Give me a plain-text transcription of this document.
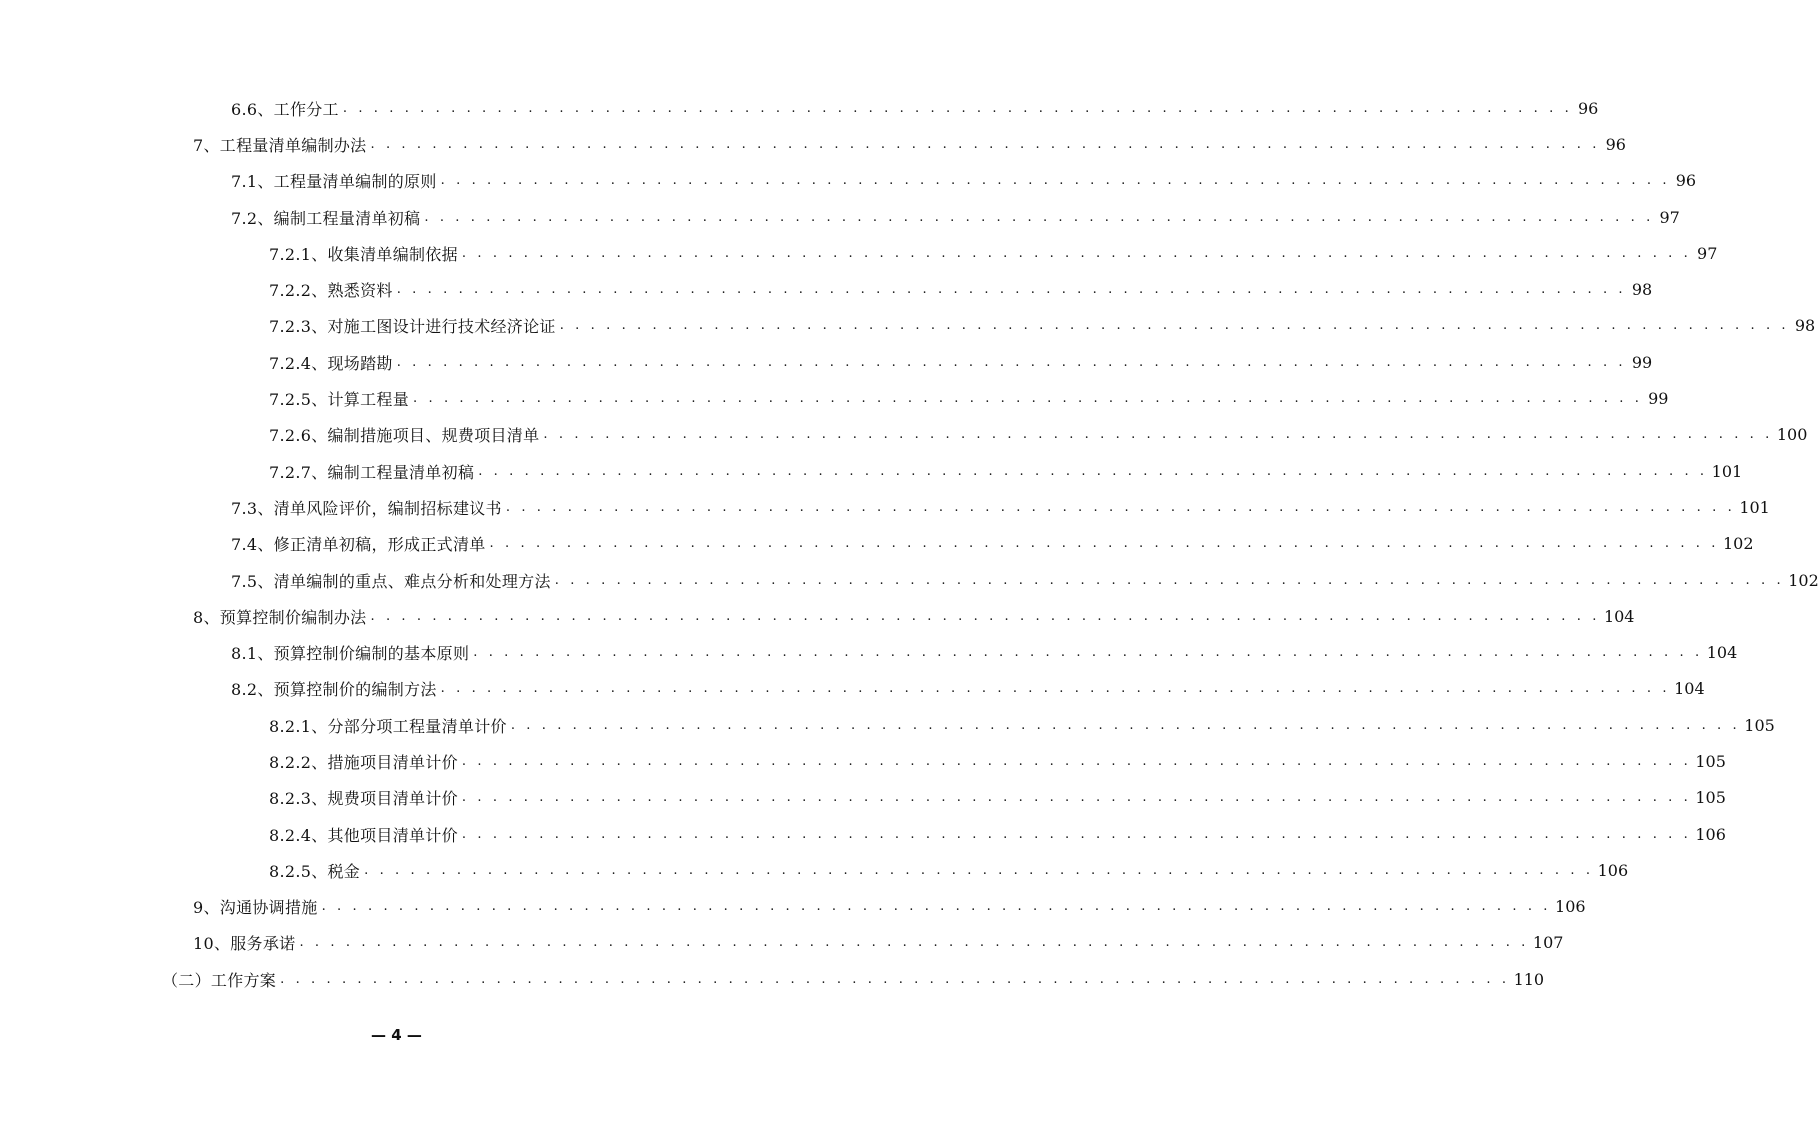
6.6、工作分工 . . . . . . . . . . . . . . . . . . . . . . . . . . . . . . . . . . . . . . . . . . . . . . . . . . . . . . . . . . . . . . . . . . . . . . . . . . . . . . . . 96
7、工程量清单编制办法 . . . . . . . . . . . . . . . . . . . . . . . . . . . . . . . . . . . . . . . . . . . . . . . . . . . . . . . . . . . . . . . . . . . . . . . . . . . . . . . . 96
7.1、工程量清单编制的原则 . . . . . . . . . . . . . . . . . . . . . . . . . . . . . . . . . . . . . . . . . . . . . . . . . . . . . . . . . . . . . . . . . . . . . . . . . . . . . . . . 96
7.2、编制工程量清单初稿 . . . . . . . . . . . . . . . . . . . . . . . . . . . . . . . . . . . . . . . . . . . . . . . . . . . . . . . . . . . . . . . . . . . . . . . . . . . . . . . . 97
7.2.1、收集清单编制依据 . . . . . . . . . . . . . . . . . . . . . . . . . . . . . . . . . . . . . . . . . . . . . . . . . . . . . . . . . . . . . . . . . . . . . . . . . . . . . . . . 97
7.2.2、熟悉资料 . . . . . . . . . . . . . . . . . . . . . . . . . . . . . . . . . . . . . . . . . . . . . . . . . . . . . . . . . . . . . . . . . . . . . . . . . . . . . . . . 98
7.2.3、对施工图设计进行技术经济论证 . . . . . . . . . . . . . . . . . . . . . . . . . . . . . . . . . . . . . . . . . . . . . . . . . . . . . . . . . . . . . . . . . . . . . . . . . . . . . . . . 98
7.2.4、现场踏勘 . . . . . . . . . . . . . . . . . . . . . . . . . . . . . . . . . . . . . . . . . . . . . . . . . . . . . . . . . . . . . . . . . . . . . . . . . . . . . . . . 99
7.2.5、计算工程量 . . . . . . . . . . . . . . . . . . . . . . . . . . . . . . . . . . . . . . . . . . . . . . . . . . . . . . . . . . . . . . . . . . . . . . . . . . . . . . . . 99
7.2.6、编制措施项目、规费项目清单 . . . . . . . . . . . . . . . . . . . . . . . . . . . . . . . . . . . . . . . . . . . . . . . . . . . . . . . . . . . . . . . . . . . . . . . . . . . . . . . . 100
7.2.7、编制工程量清单初稿 . . . . . . . . . . . . . . . . . . . . . . . . . . . . . . . . . . . . . . . . . . . . . . . . . . . . . . . . . . . . . . . . . . . . . . . . . . . . . . . . 101
7.3、清单风险评价，编制招标建议书 . . . . . . . . . . . . . . . . . . . . . . . . . . . . . . . . . . . . . . . . . . . . . . . . . . . . . . . . . . . . . . . . . . . . . . . . . . . . . . . . 101
7.4、修正清单初稿，形成正式清单 . . . . . . . . . . . . . . . . . . . . . . . . . . . . . . . . . . . . . . . . . . . . . . . . . . . . . . . . . . . . . . . . . . . . . . . . . . . . . . . . 102
7.5、清单编制的重点、难点分析和处理方法 . . . . . . . . . . . . . . . . . . . . . . . . . . . . . . . . . . . . . . . . . . . . . . . . . . . . . . . . . . . . . . . . . . . . . . . . . . . . . . . . 102
8、预算控制价编制办法 . . . . . . . . . . . . . . . . . . . . . . . . . . . . . . . . . . . . . . . . . . . . . . . . . . . . . . . . . . . . . . . . . . . . . . . . . . . . . . . . 104
8.1、预算控制价编制的基本原则 . . . . . . . . . . . . . . . . . . . . . . . . . . . . . . . . . . . . . . . . . . . . . . . . . . . . . . . . . . . . . . . . . . . . . . . . . . . . . . . . 104
8.2、预算控制价的编制方法 . . . . . . . . . . . . . . . . . . . . . . . . . . . . . . . . . . . . . . . . . . . . . . . . . . . . . . . . . . . . . . . . . . . . . . . . . . . . . . . . 104
8.2.1、分部分项工程量清单计价 . . . . . . . . . . . . . . . . . . . . . . . . . . . . . . . . . . . . . . . . . . . . . . . . . . . . . . . . . . . . . . . . . . . . . . . . . . . . . . . . 105
8.2.2、措施项目清单计价 . . . . . . . . . . . . . . . . . . . . . . . . . . . . . . . . . . . . . . . . . . . . . . . . . . . . . . . . . . . . . . . . . . . . . . . . . . . . . . . . 105
8.2.3、规费项目清单计价 . . . . . . . . . . . . . . . . . . . . . . . . . . . . . . . . . . . . . . . . . . . . . . . . . . . . . . . . . . . . . . . . . . . . . . . . . . . . . . . . 105
8.2.4、其他项目清单计价 . . . . . . . . . . . . . . . . . . . . . . . . . . . . . . . . . . . . . . . . . . . . . . . . . . . . . . . . . . . . . . . . . . . . . . . . . . . . . . . . 106
8.2.5、税金 . . . . . . . . . . . . . . . . . . . . . . . . . . . . . . . . . . . . . . . . . . . . . . . . . . . . . . . . . . . . . . . . . . . . . . . . . . . . . . . . 106
9、沟通协调措施 . . . . . . . . . . . . . . . . . . . . . . . . . . . . . . . . . . . . . . . . . . . . . . . . . . . . . . . . . . . . . . . . . . . . . . . . . . . . . . . . 106
10、服务承诺 . . . . . . . . . . . . . . . . . . . . . . . . . . . . . . . . . . . . . . . . . . . . . . . . . . . . . . . . . . . . . . . . . . . . . . . . . . . . . . . . 107
（二）工作方案 . . . . . . . . . . . . . . . . . . . . . . . . . . . . . . . . . . . . . . . . . . . . . . . . . . . . . . . . . . . . . . . . . . . . . . . . . . . . . . . . 110
— 4 —
